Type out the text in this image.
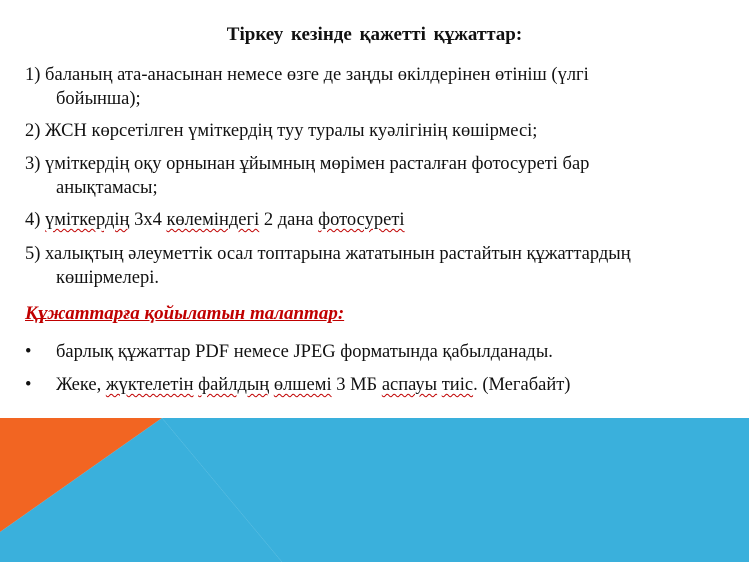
Тіркеу кезінде қажетті құжаттар:
1) баланың ата-анасынан немесе өзге де заңды өкілдерінен өтініш (үлгі
бойынша);
2) ЖСН көрсетілген үміткердің туу туралы куәлігінің көшірмесі;
3) үміткердің оқу орнынан ұйымның мөрімен расталған фотосуреті бар
анықтамасы;
4) үміткердің 3х4 көлеміндегі 2 дана фотосуреті
5) халықтың әлеуметтік осал топтарына жататынын растайтын құжаттардың
көшірмелері.
Құжаттарға қойылатын талаптар:
• барлық құжаттар PDF немесе JPEG форматында қабылданады.
• Жеке, жүктелетін файлдың өлшемі 3 МБ аспауы тиіс. (Мегабайт)
